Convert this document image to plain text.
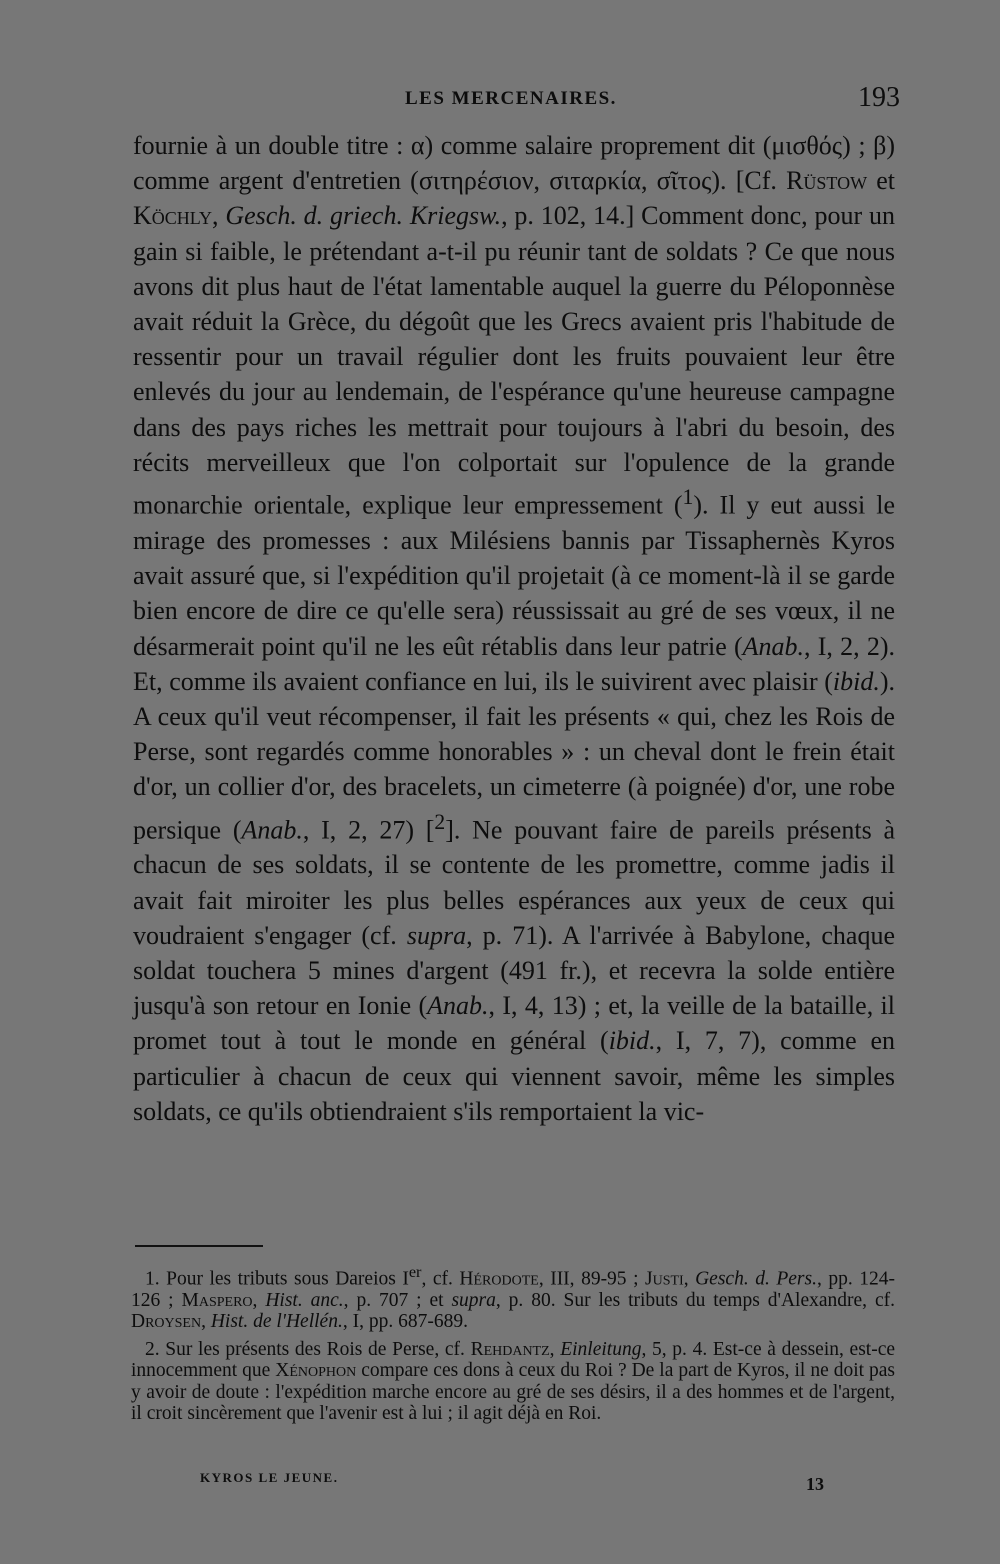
LES MERCENAIRES.	193

fournie à un double titre : α) comme salaire proprement dit (μισθός) ; β) comme argent d'entretien (σιτηρέσιον, σιταρκία, σῖτος). [Cf. Rüstow et Köchly, Gesch. d. griech. Kriegsw., p. 102, 14.] Comment donc, pour un gain si faible, le prétendant a-t-il pu réunir tant de soldats ? Ce que nous avons dit plus haut de l'état lamentable auquel la guerre du Péloponnèse avait réduit la Grèce, du dégoût que les Grecs avaient pris l'habitude de ressentir pour un travail régulier dont les fruits pouvaient leur être enlevés du jour au lendemain, de l'espérance qu'une heureuse campagne dans des pays riches les mettrait pour toujours à l'abri du besoin, des récits merveilleux que l'on colportait sur l'opulence de la grande monarchie orientale, explique leur empressement ($^1$). Il y eut aussi le mirage des promesses : aux Milésiens bannis par Tissaphernès Kyros avait assuré que, si l'expédition qu'il projetait (à ce moment-là il se garde bien encore de dire ce qu'elle sera) réussissait au gré de ses vœux, il ne désarmerait point qu'il ne les eût rétablis dans leur patrie (Anab., I, 2, 2). Et, comme ils avaient confiance en lui, ils le suivirent avec plaisir (ibid.). A ceux qu'il veut récompenser, il fait les présents « qui, chez les Rois de Perse, sont regardés comme honorables » : un cheval dont le frein était d'or, un collier d'or, des bracelets, un cimeterre (à poignée) d'or, une robe persique (Anab., I, 2, 27) [$^2$]. Ne pouvant faire de pareils présents à chacun de ses soldats, il se contente de les promettre, comme jadis il avait fait miroiter les plus belles espérances aux yeux de ceux qui voudraient s'engager (cf. supra, p. 71). A l'arrivée à Babylone, chaque soldat touchera 5 mines d'argent (491 fr.), et recevra la solde entière jusqu'à son retour en Ionie (Anab., I, 4, 13) ; et, la veille de la bataille, il promet tout à tout le monde en général (ibid., I, 7, 7), comme en particulier à chacun de ceux qui viennent savoir, même les simples soldats, ce qu'ils obtiendraient s'ils remportaient la vic-

1. Pour les tributs sous Dareios Ier, cf. Hérodote, III, 89-95 ; Justi, Gesch. d. Pers., pp. 124-126 ; Maspero, Hist. anc., p. 707 ; et supra, p. 80. Sur les tributs du temps d'Alexandre, cf. Droysen, Hist. de l'Hellén., I, pp. 687-689.

2. Sur les présents des Rois de Perse, cf. Rehdantz, Einleitung, 5, p. 4. Est-ce à dessein, est-ce innocemment que Xénophon compare ces dons à ceux du Roi ? De la part de Kyros, il ne doit pas y avoir de doute : l'expédition marche encore au gré de ses désirs, il a des hommes et de l'argent, il croit sincèrement que l'avenir est à lui ; il agit déjà en Roi.

KYROS LE JEUNE.	13
